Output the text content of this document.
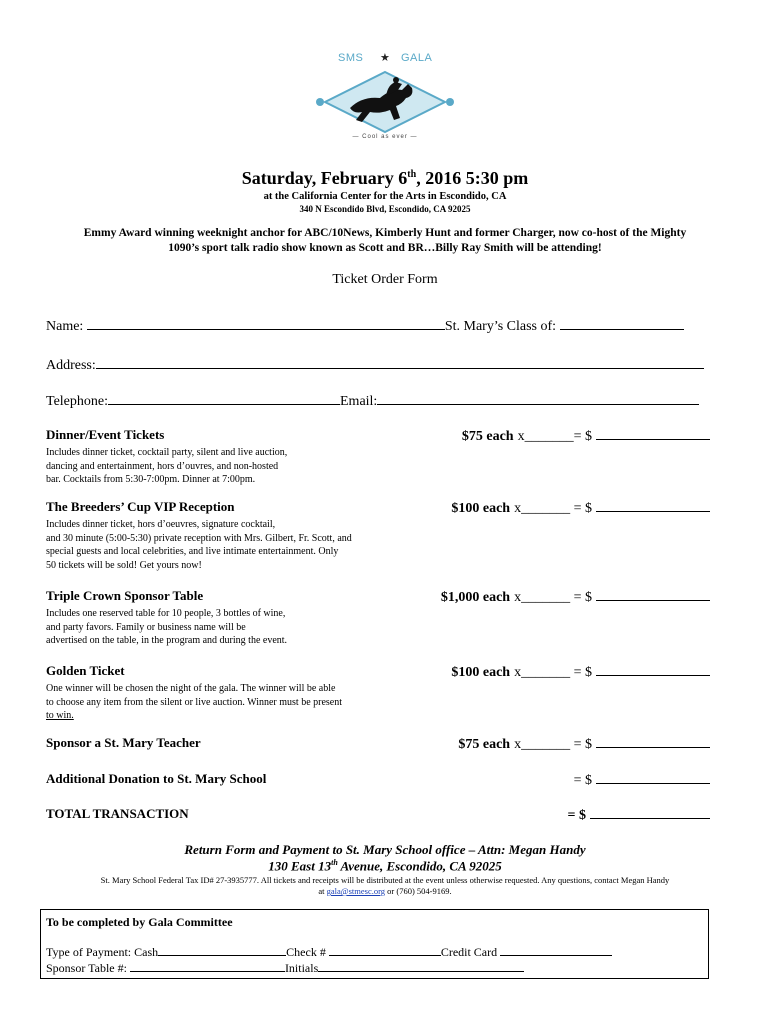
SMS ★ GALA
— Cool as ever —
Saturday, February 6th, 2016 5:30 pm
at the California Center for the Arts in Escondido, CA
340 N Escondido Blvd, Escondido, CA 92025
Emmy Award winning weeknight anchor for ABC/10News, Kimberly Hunt and former Charger, now co-host of the Mighty
1090’s sport talk radio show known as Scott and BR…Billy Ray Smith will be attending!
Ticket Order Form
Name:	St. Mary’s Class of:
Address:
Telephone:	Email:
Dinner/Event Tickets
Includes dinner ticket, cocktail party, silent and live auction,
dancing and entertainment, hors d’ouvres, and non-hosted
bar. Cocktails from 5:30-7:00pm. Dinner at 7:00pm.
$75 each x_______= $
The Breeders’ Cup VIP Reception
Includes dinner ticket, hors d’oeuvres, signature cocktail,
and 30 minute (5:00-5:30) private reception with Mrs. Gilbert, Fr. Scott, and
special guests and local celebrities, and live intimate entertainment. Only
50 tickets will be sold! Get yours now!
$100 each x_______ = $
Triple Crown Sponsor Table
Includes one reserved table for 10 people, 3 bottles of wine,
and party favors. Family or business name will be
advertised on the table, in the program and during the event.
$1,000 each x_______ = $
Golden Ticket
One winner will be chosen the night of the gala. The winner will be able
to choose any item from the silent or live auction. Winner must be present
to win.
$100 each x_______ = $
Sponsor a St. Mary Teacher	$75 each x_______ = $
Additional Donation to St. Mary School	= $
TOTAL TRANSACTION	= $
Return Form and Payment to St. Mary School office – Attn: Megan Handy
130 East 13th Avenue, Escondido, CA 92025
St. Mary School Federal Tax ID# 27-3935777. All tickets and receipts will be distributed at the event unless otherwise requested. Any questions, contact Megan Handy
at gala@stmesc.org or (760) 504-9169.
To be completed by Gala Committee
Type of Payment: Cash	Check #	Credit Card
Sponsor Table #:	Initials
